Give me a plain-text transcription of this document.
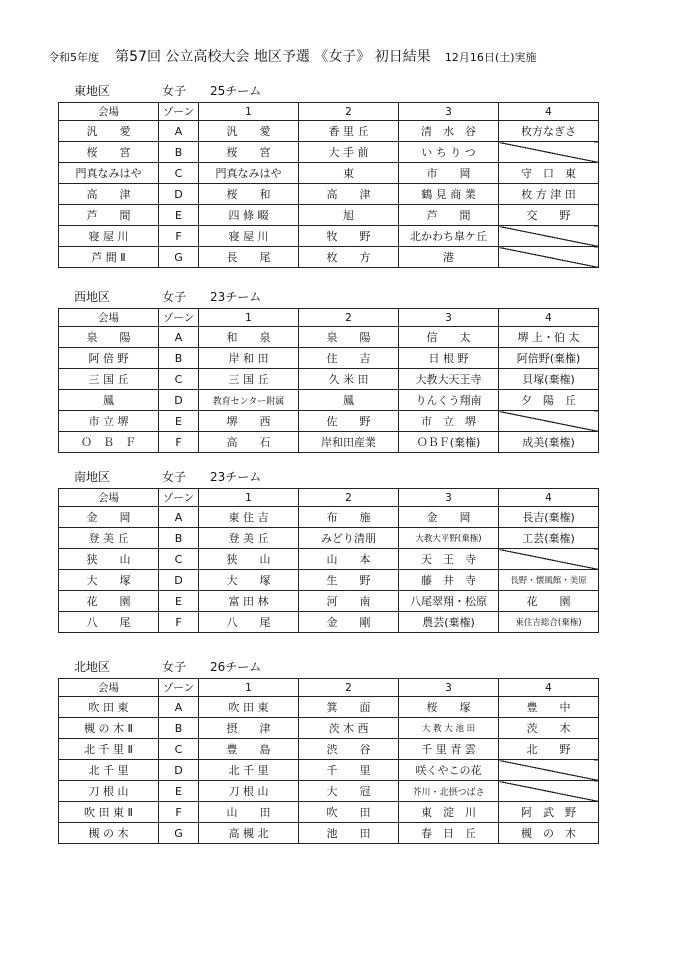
令和5年度 第57回 公立高校大会 地区予選 《女子》 初日結果 12月16日(土)実施
東地区	女子 25チーム
会場	ゾーン	1	2	3	4
汎　　愛	A	汎　　愛	香 里 丘	清　水　谷	枚方なぎさ
桜　　宮	B	桜　　宮	大 手 前	い ち り つ	
門真なみはや	C	門真なみはや	東	市　　岡	守　口　東
高　　津	D	桜　　和	高　　津	鶴 見 商 業	枚 方 津 田
芦　　間	E	四 條 畷	旭	芦　　間	交　　野
寝 屋 川	F	寝 屋 川	牧　　野	北かわち皐ケ丘	
芦 間 Ⅱ	G	長　　尾	枚　　方	港	
西地区	女子 23チーム
会場	ゾーン	1	2	3	4
泉　　陽	A	和　　泉	泉　　陽	信　　太	堺 上・伯 太
阿 倍 野	B	岸 和 田	住　　吉	日 根 野	阿倍野(棄権)
三 国 丘	C	三 国 丘	久 米 田	大教大天王寺	貝塚(棄権)
鳳	D	教育センター附属	鳳	りんくう翔南	夕　陽　丘
市 立 堺	E	堺　　西	佐　　野	市　立　堺	
Ｏ　Ｂ　Ｆ	F	高　　石	岸和田産業	ＯＢＦ(棄権)	成美(棄権)
南地区	女子 23チーム
会場	ゾーン	1	2	3	4
金　　岡	A	東 住 吉	布　　施	金　　岡	長吉(棄権)
登 美 丘	B	登 美 丘	みどり清朋	大教大平野(棄権)	工芸(棄権)
狭　　山	C	狭　　山	山　　本	天　王　寺	
大　　塚	D	大　　塚	生　　野	藤　井　寺	長野・懐風館・美原
花　　園	E	富 田 林	河　　南	八尾翠翔・松原	花　　園
八　　尾	F	八　　尾	金　　剛	農芸(棄権)	東住吉総合(棄権)
北地区	女子 26チーム
会場	ゾーン	1	2	3	4
吹 田 東	A	吹 田 東	箕　　面	桜　　塚	豊　　中
槻 の 木 Ⅱ	B	摂　　津	茨 木 西	大 教 大 池 田	茨　　木
北 千 里 Ⅱ	C	豊　　島	渋　　谷	千 里 青 雲	北　　野
北 千 里	D	北 千 里	千　　里	咲くやこの花	
刀 根 山	E	刀 根 山	大　　冠	芥川・北摂つばさ	
吹 田 東 Ⅱ	F	山　　田	吹　　田	東　淀　川	阿　武　野
槻 の 木	G	高 槻 北	池　　田	春　日　丘	槻　の　木
